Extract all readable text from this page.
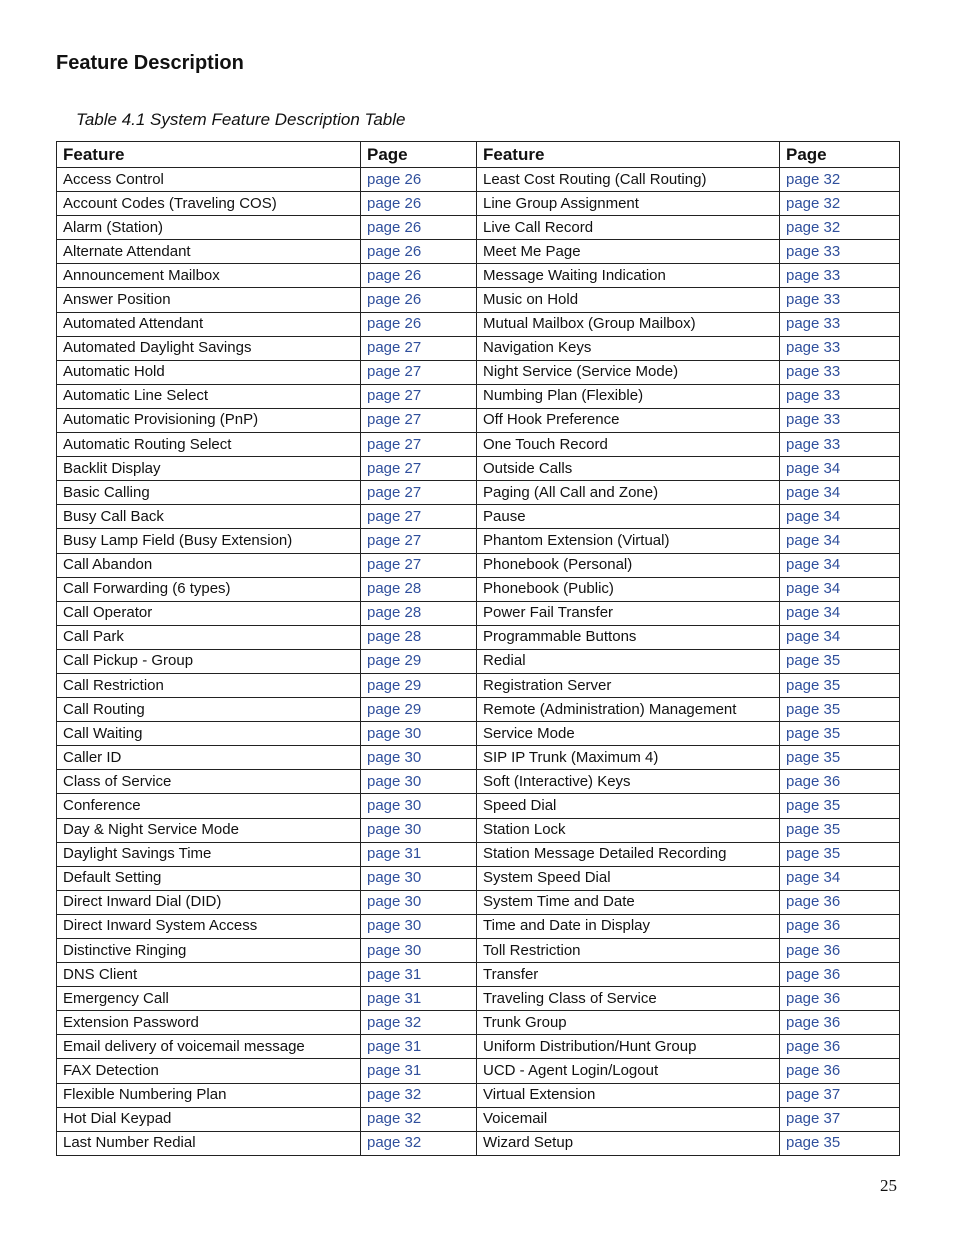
Feature Description

Table 4.1 System Feature Description Table

Feature	Page	Feature	Page
Access Control	page 26	Least Cost Routing (Call Routing)	page 32
Account Codes (Traveling COS)	page 26	Line Group Assignment	page 32
Alarm (Station)	page 26	Live Call Record	page 32
Alternate Attendant	page 26	Meet Me Page	page 33
Announcement Mailbox	page 26	Message Waiting Indication	page 33
Answer Position	page 26	Music on Hold	page 33
Automated Attendant	page 26	Mutual Mailbox (Group Mailbox)	page 33
Automated Daylight Savings	page 27	Navigation Keys	page 33
Automatic Hold	page 27	Night Service (Service Mode)	page 33
Automatic Line Select	page 27	Numbing Plan (Flexible)	page 33
Automatic Provisioning (PnP)	page 27	Off Hook Preference	page 33
Automatic Routing Select	page 27	One Touch Record	page 33
Backlit Display	page 27	Outside Calls	page 34
Basic Calling	page 27	Paging (All Call and Zone)	page 34
Busy Call Back	page 27	Pause	page 34
Busy Lamp Field (Busy Extension)	page 27	Phantom Extension (Virtual)	page 34
Call Abandon	page 27	Phonebook (Personal)	page 34
Call Forwarding (6 types)	page 28	Phonebook (Public)	page 34
Call Operator	page 28	Power Fail Transfer	page 34
Call Park	page 28	Programmable Buttons	page 34
Call Pickup - Group	page 29	Redial	page 35
Call Restriction	page 29	Registration Server	page 35
Call Routing	page 29	Remote (Administration) Management	page 35
Call Waiting	page 30	Service Mode	page 35
Caller ID	page 30	SIP IP Trunk (Maximum 4)	page 35
Class of Service	page 30	Soft (Interactive) Keys	page 36
Conference	page 30	Speed Dial	page 35
Day & Night Service Mode	page 30	Station Lock	page 35
Daylight Savings Time	page 31	Station Message Detailed Recording	page 35
Default Setting	page 30	System Speed Dial	page 34
Direct Inward Dial (DID)	page 30	System Time and Date	page 36
Direct Inward System Access	page 30	Time and Date in Display	page 36
Distinctive Ringing	page 30	Toll Restriction	page 36
DNS Client	page 31	Transfer	page 36
Emergency Call	page 31	Traveling Class of Service	page 36
Extension Password	page 32	Trunk Group	page 36
Email delivery of voicemail message	page 31	Uniform Distribution/Hunt Group	page 36
FAX Detection	page 31	UCD - Agent Login/Logout	page 36
Flexible Numbering Plan	page 32	Virtual Extension	page 37
Hot Dial Keypad	page 32	Voicemail	page 37
Last Number Redial	page 32	Wizard Setup	page 35

25
